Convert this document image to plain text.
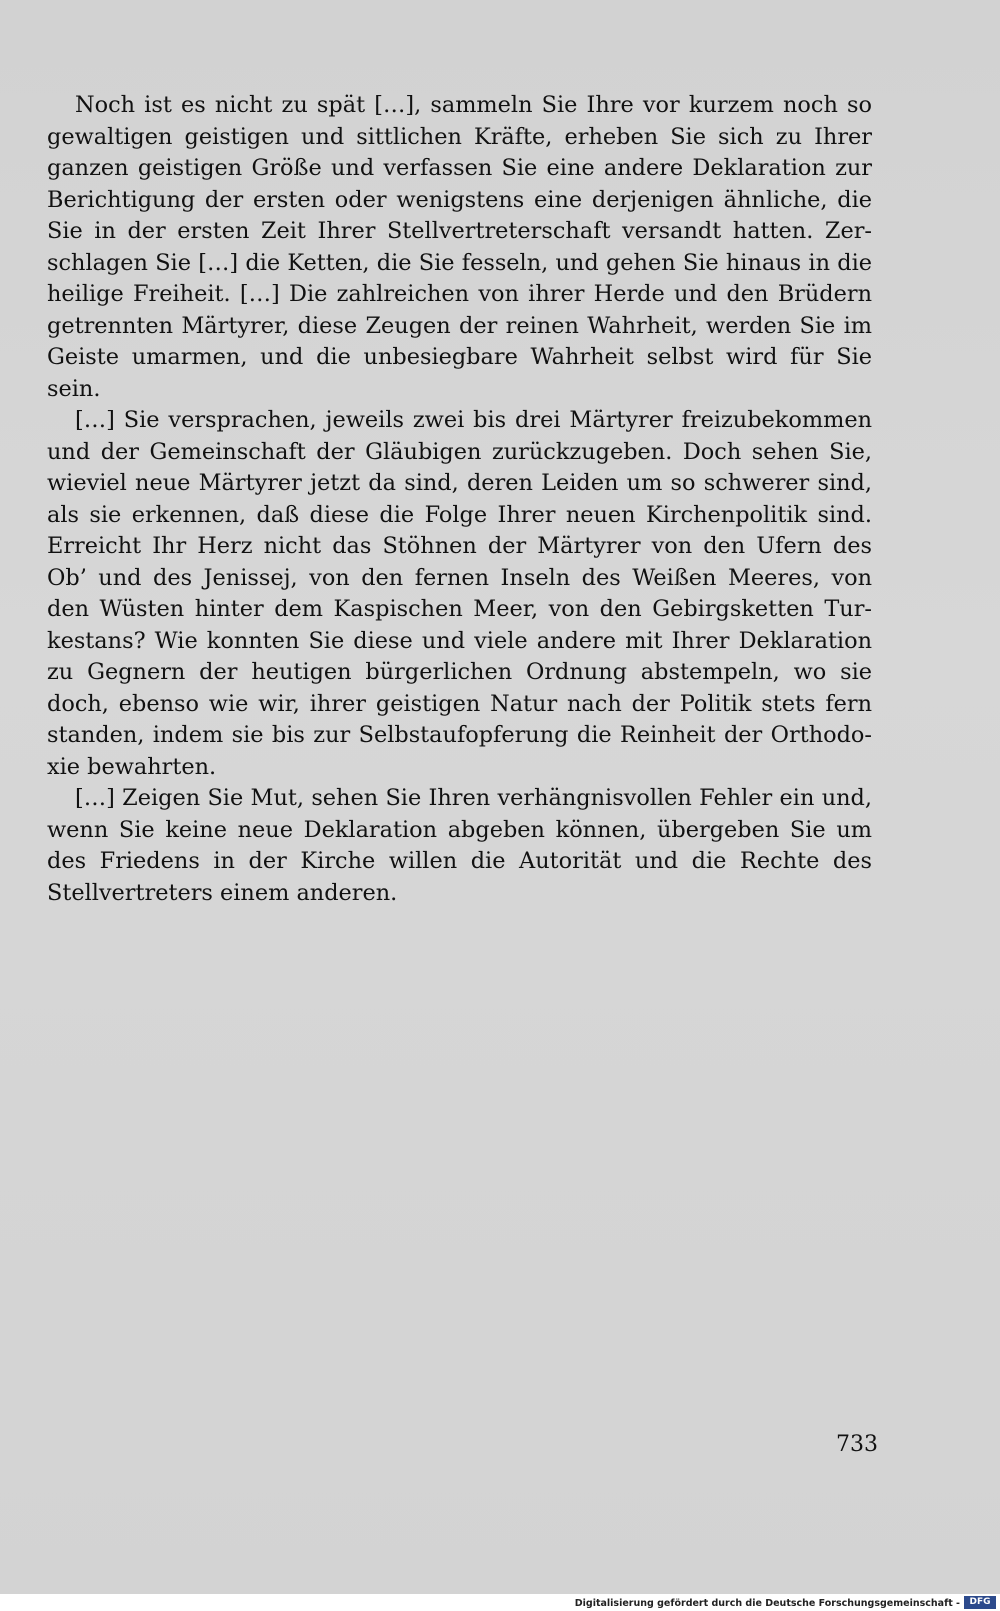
Noch ist es nicht zu spät […], sammeln Sie Ihre vor kurzem noch so gewaltigen geistigen und sittlichen Kräfte, erheben Sie sich zu Ihrer ganzen geistigen Größe und verfassen Sie eine andere Deklaration zur Berichtigung der ersten oder wenigstens eine derjenigen ähnliche, die Sie in der ersten Zeit Ihrer Stellvertreterschaft versandt hatten. Zerschlagen Sie […] die Ketten, die Sie fesseln, und gehen Sie hinaus in die heilige Freiheit. […] Die zahlreichen von ihrer Herde und den Brüdern getrennten Märtyrer, diese Zeugen der reinen Wahrheit, werden Sie im Geiste umarmen, und die unbesiegbare Wahrheit selbst wird für Sie sein.

[…] Sie versprachen, jeweils zwei bis drei Märtyrer freizubekommen und der Gemeinschaft der Gläubigen zurückzugeben. Doch sehen Sie, wieviel neue Märtyrer jetzt da sind, deren Leiden um so schwerer sind, als sie erkennen, daß diese die Folge Ihrer neuen Kirchenpolitik sind. Erreicht Ihr Herz nicht das Stöhnen der Märtyrer von den Ufern des Ob’ und des Jenissej, von den fernen Inseln des Weißen Meeres, von den Wüsten hinter dem Kaspischen Meer, von den Gebirgsketten Turkestans? Wie konnten Sie diese und viele andere mit Ihrer Deklaration zu Gegnern der heutigen bürgerlichen Ordnung abstempeln, wo sie doch, ebenso wie wir, ihrer geistigen Natur nach der Politik stets fern standen, indem sie bis zur Selbstaufopferung die Reinheit der Orthodoxie bewahrten.

[…] Zeigen Sie Mut, sehen Sie Ihren verhängnisvollen Fehler ein und, wenn Sie keine neue Deklaration abgeben können, übergeben Sie um des Friedens in der Kirche willen die Autorität und die Rechte des Stellvertreters einem anderen.

733
Digitalisierung gefördert durch die Deutsche Forschungsgemeinschaft -	DFG
